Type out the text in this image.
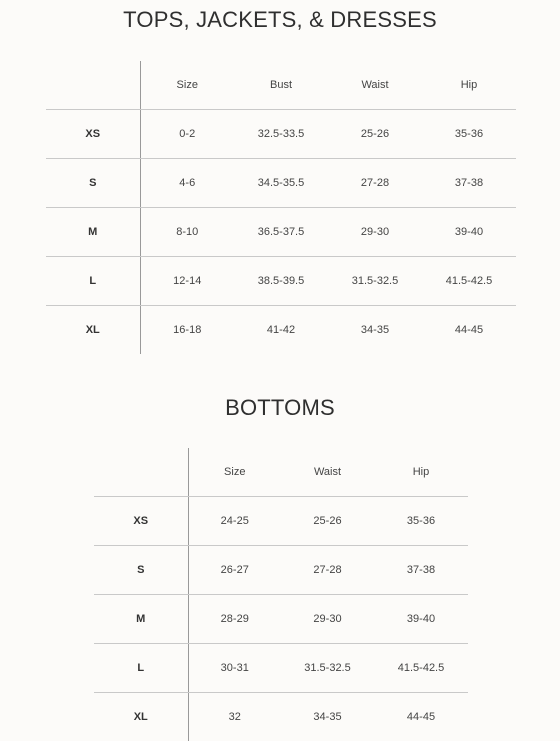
TOPS, JACKETS, & DRESSES
	Size	Bust	Waist	Hip
XS	0-2	32.5-33.5	25-26	35-36
S	4-6	34.5-35.5	27-28	37-38
M	8-10	36.5-37.5	29-30	39-40
L	12-14	38.5-39.5	31.5-32.5	41.5-42.5
XL	16-18	41-42	34-35	44-45
BOTTOMS
	Size	Waist	Hip
XS	24-25	25-26	35-36
S	26-27	27-28	37-38
M	28-29	29-30	39-40
L	30-31	31.5-32.5	41.5-42.5
XL	32	34-35	44-45
